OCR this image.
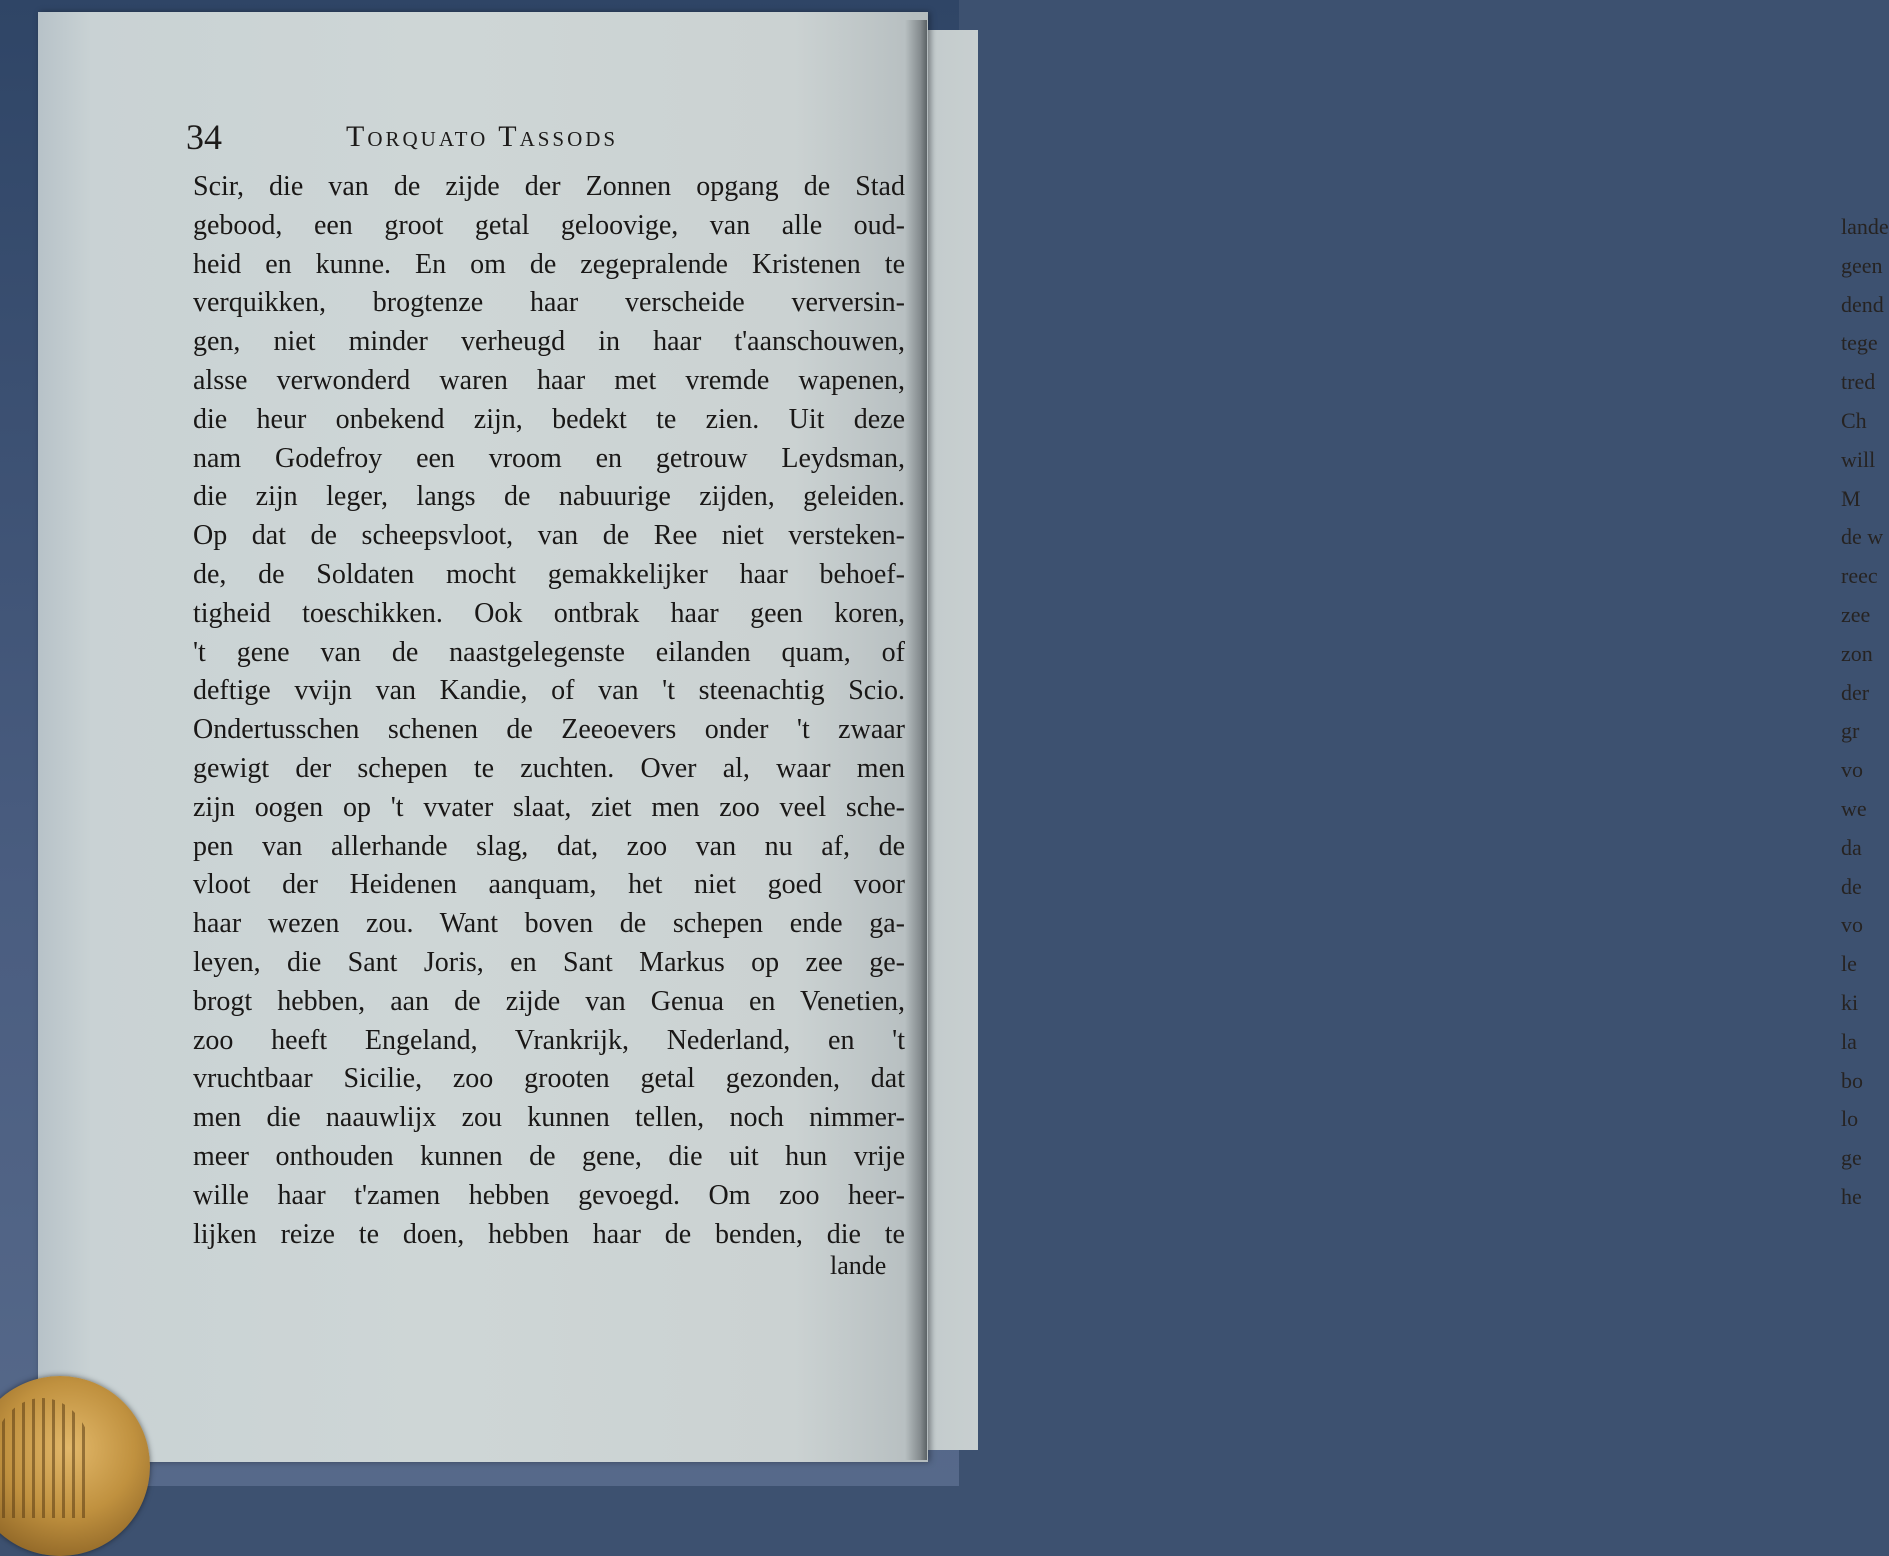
lande
geen
dend
tege
tred
Ch
will
M
de w
reec
zee
zon
der
gr
vo
we
da
de
vo
le
ki
la
bo
lo
ge
he
34	Torquato Tassods
Scir, die van de zijde der Zonnen opgang de Stad
gebood, een groot getal geloovige, van alle oud-
heid en kunne. En om de zegepralende Kristenen te
verquikken, brogtenze haar verscheide verversin-
gen, niet minder verheugd in haar t'aanschouwen,
alsse verwonderd waren haar met vremde wapenen,
die heur onbekend zijn, bedekt te zien. Uit deze
nam Godefroy een vroom en getrouw Leydsman,
die zijn leger, langs de nabuurige zijden, geleiden.
Op dat de scheepsvloot, van de Ree niet versteken-
de, de Soldaten mocht gemakkelijker haar behoef-
tigheid toeschikken. Ook ontbrak haar geen koren,
't gene van de naastgelegenste eilanden quam, of
deftige vvijn van Kandie, of van 't steenachtig Scio.
Ondertusschen schenen de Zeeoevers onder 't zwaar
gewigt der schepen te zuchten. Over al, waar men
zijn oogen op 't vvater slaat, ziet men zoo veel sche-
pen van allerhande slag, dat, zoo van nu af, de
vloot der Heidenen aanquam, het niet goed voor
haar wezen zou. Want boven de schepen ende ga-
leyen, die Sant Joris, en Sant Markus op zee ge-
brogt hebben, aan de zijde van Genua en Venetien,
zoo heeft Engeland, Vrankrijk, Nederland, en 't
vruchtbaar Sicilie, zoo grooten getal gezonden, dat
men die naauwlijx zou kunnen tellen, noch nimmer-
meer onthouden kunnen de gene, die uit hun vrije
wille haar t'zamen hebben gevoegd. Om zoo heer-
lijken reize te doen, hebben haar de benden, die te
lande
